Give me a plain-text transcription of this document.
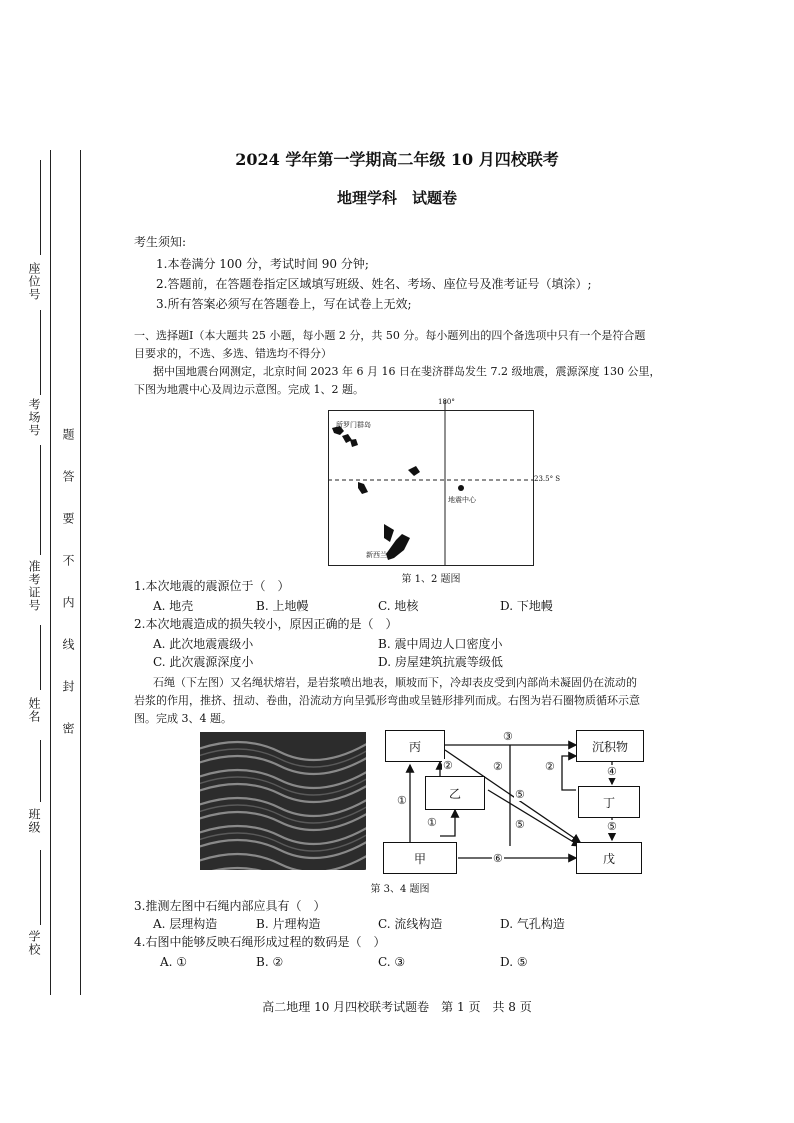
座位号
考场号
准考证号
姓名
班级
学校
题
答
要
不
内
线
封
密
2024 学年第一学期高二年级 10 月四校联考
地理学科　试题卷
考生须知:
1.本卷满分 100 分，考试时间 90 分钟;
2.答题前，在答题卷指定区域填写班级、姓名、考场、座位号及准考证号（填涂）;
3.所有答案必须写在答题卷上，写在试卷上无效;
一、选择题Ⅰ（本大题共 25 小题，每小题 2 分，共 50 分。每小题列出的四个备选项中只有一个是符合题
目要求的，不选、多选、错选均不得分）
据中国地震台网测定，北京时间 2023 年 6 月 16 日在斐济群岛发生 7.2 级地震，震源深度 130 公里，
下图为地震中心及周边示意图。完成 1、2 题。
180°
23.5° S
地震中心
所罗门群岛
新西兰
第 1、2 题图
1.本次地震的震源位于（　）
A. 地壳	B. 上地幔	C. 地核	D. 下地幔
2.本次地震造成的损失较小，原因正确的是（　）
A. 此次地震震级小	B. 震中周边人口密度小
C. 此次震源深度小	D. 房屋建筑抗震等级低
石绳（下左图）又名绳状熔岩，是岩浆喷出地表，顺坡而下，冷却表皮受到内部尚未凝固仍在流动的
岩浆的作用，推挤、扭动、卷曲，沿流动方向呈弧形弯曲或呈链形排列而成。右图为岩石圈物质循环示意
图。完成 3、4 题。
丙
乙
甲
沉积物
丁
戊
①
①
②	②	②
③
④
⑤
⑤	⑤
⑥
第 3、4 题图
3.推测左图中石绳内部应具有（　）
A. 层理构造	B. 片理构造	C. 流线构造	D. 气孔构造
4.右图中能够反映石绳形成过程的数码是（　）
A. ①	B. ②	C. ③	D. ⑤
高二地理 10 月四校联考试题卷　第 1 页　共 8 页
